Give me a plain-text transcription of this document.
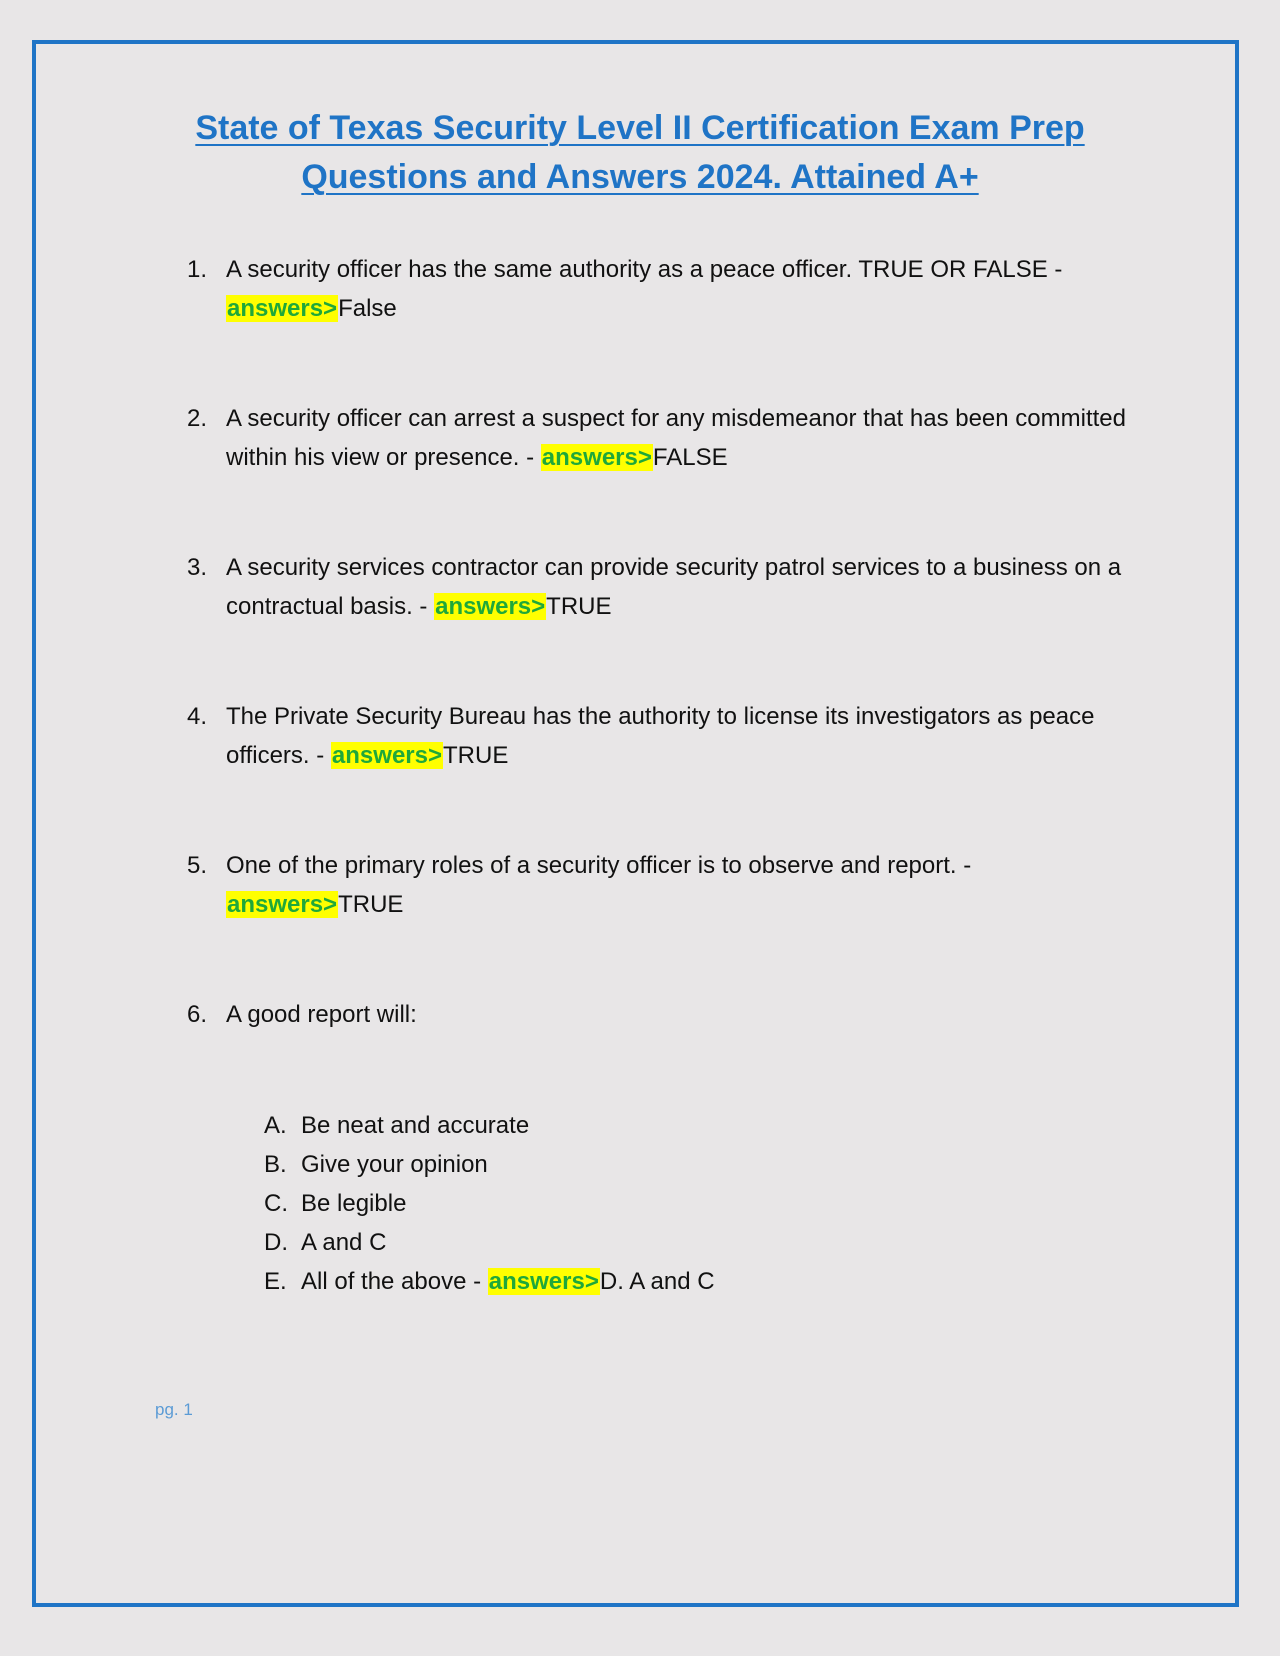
State of Texas Security Level II Certification Exam Prep Questions and Answers 2024. Attained A+
1. A security officer has the same authority as a peace officer. TRUE OR FALSE -
answers>False
2. A security officer can arrest a suspect for any misdemeanor that has been committed within his view or presence. - answers>FALSE
3. A security services contractor can provide security patrol services to a business on a contractual basis. - answers>TRUE
4. The Private Security Bureau has the authority to license its investigators as peace officers. - answers>TRUE
5. One of the primary roles of a security officer is to observe and report. -
answers>TRUE
6. A good report will:
A. Be neat and accurate
B. Give your opinion
C. Be legible
D. A and C
E. All of the above - answers>D. A and C
pg. 1
